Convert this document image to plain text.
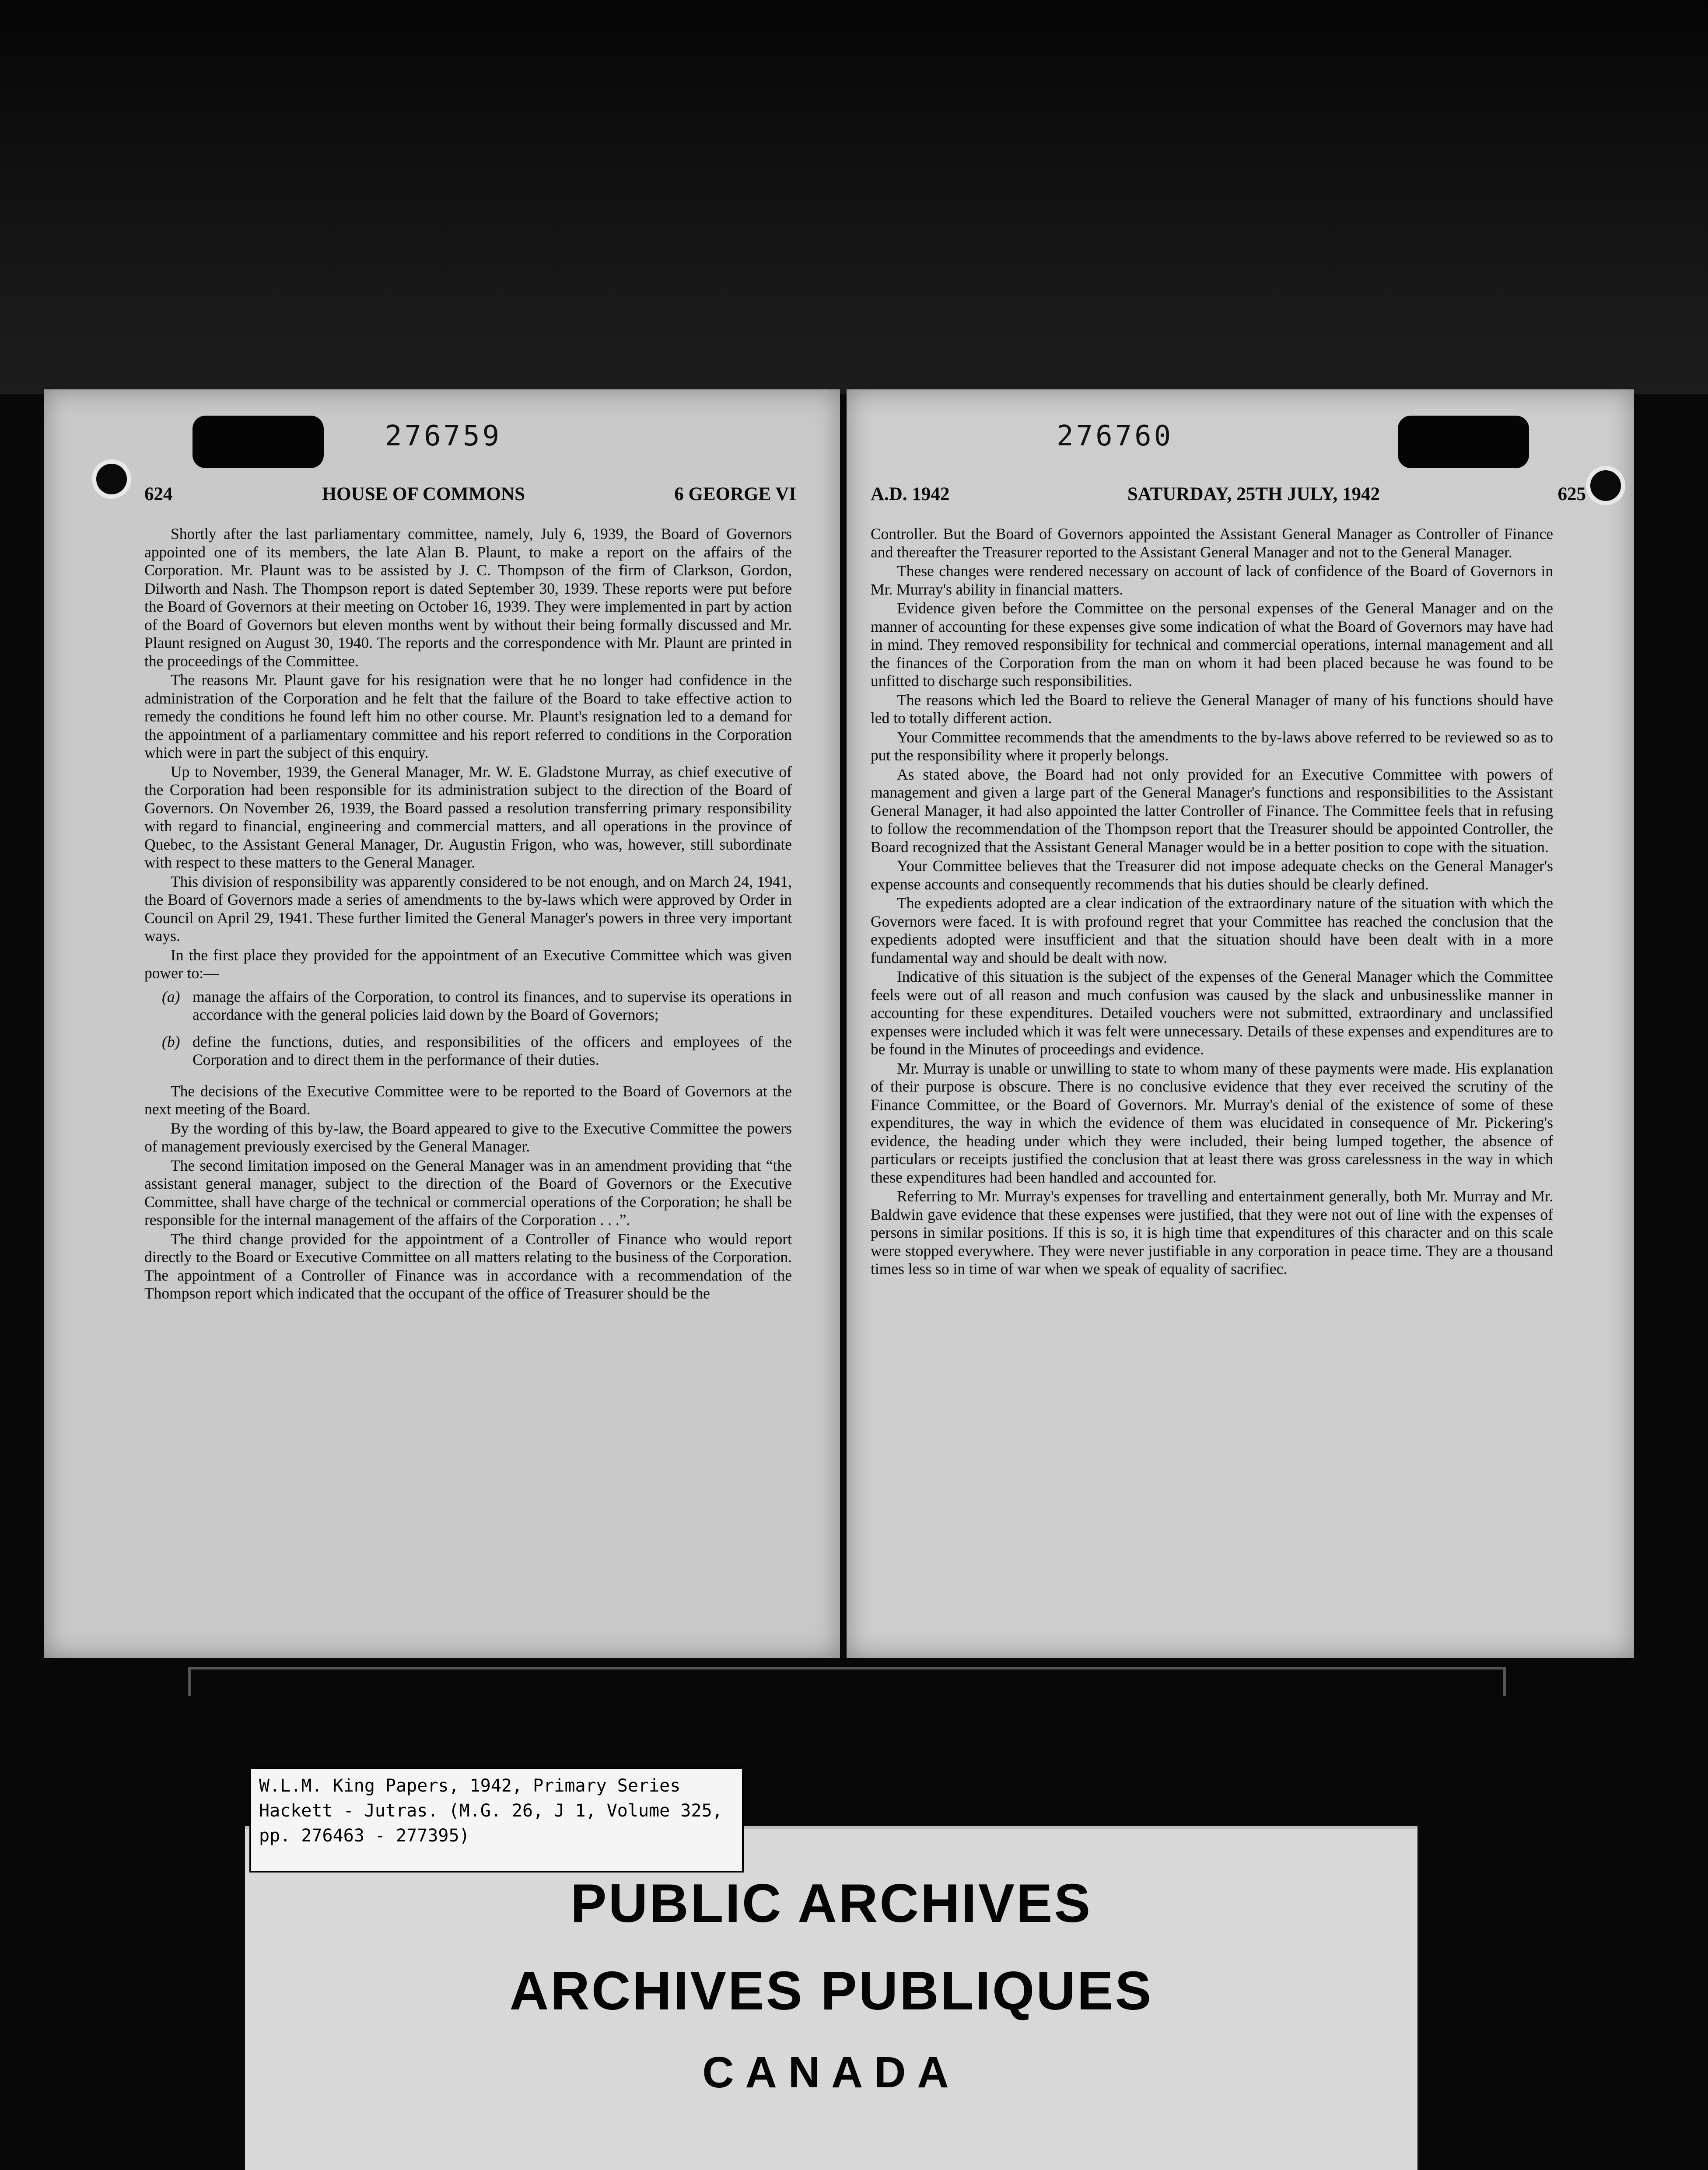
276759
624	HOUSE OF COMMONS	6 GEORGE VI

Shortly after the last parliamentary committee, namely, July 6, 1939, the Board of Governors appointed one of its members, the late Alan B. Plaunt, to make a report on the affairs of the Corporation. Mr. Plaunt was to be assisted by J. C. Thompson of the firm of Clarkson, Gordon, Dilworth and Nash. The Thompson report is dated September 30, 1939. These reports were put before the Board of Governors at their meeting on October 16, 1939. They were implemented in part by action of the Board of Governors but eleven months went by without their being formally discussed and Mr. Plaunt resigned on August 30, 1940. The reports and the correspondence with Mr. Plaunt are printed in the proceedings of the Committee.

The reasons Mr. Plaunt gave for his resignation were that he no longer had confidence in the administration of the Corporation and he felt that the failure of the Board to take effective action to remedy the conditions he found left him no other course. Mr. Plaunt's resignation led to a demand for the appointment of a parliamentary committee and his report referred to conditions in the Corporation which were in part the subject of this enquiry.

Up to November, 1939, the General Manager, Mr. W. E. Gladstone Murray, as chief executive of the Corporation had been responsible for its administration subject to the direction of the Board of Governors. On November 26, 1939, the Board passed a resolution transferring primary responsibility with regard to financial, engineering and commercial matters, and all operations in the province of Quebec, to the Assistant General Manager, Dr. Augustin Frigon, who was, however, still subordinate with respect to these matters to the General Manager.

This division of responsibility was apparently considered to be not enough, and on March 24, 1941, the Board of Governors made a series of amendments to the by-laws which were approved by Order in Council on April 29, 1941. These further limited the General Manager's powers in three very important ways.

In the first place they provided for the appointment of an Executive Committee which was given power to:—

(a) manage the affairs of the Corporation, to control its finances, and to supervise its operations in accordance with the general policies laid down by the Board of Governors;
(b) define the functions, duties, and responsibilities of the officers and employees of the Corporation and to direct them in the performance of their duties.

The decisions of the Executive Committee were to be reported to the Board of Governors at the next meeting of the Board.

By the wording of this by-law, the Board appeared to give to the Executive Committee the powers of management previously exercised by the General Manager.

The second limitation imposed on the General Manager was in an amendment providing that “the assistant general manager, subject to the direction of the Board of Governors or the Executive Committee, shall have charge of the technical or commercial operations of the Corporation; he shall be responsible for the internal management of the affairs of the Corporation . . .”.

The third change provided for the appointment of a Controller of Finance who would report directly to the Board or Executive Committee on all matters relating to the business of the Corporation. The appointment of a Controller of Finance was in accordance with a recommendation of the Thompson report which indicated that the occupant of the office of Treasurer should be the

276760
A.D. 1942	SATURDAY, 25TH JULY, 1942	625

Controller. But the Board of Governors appointed the Assistant General Manager as Controller of Finance and thereafter the Treasurer reported to the Assistant General Manager and not to the General Manager.

These changes were rendered necessary on account of lack of confidence of the Board of Governors in Mr. Murray's ability in financial matters.

Evidence given before the Committee on the personal expenses of the General Manager and on the manner of accounting for these expenses give some indication of what the Board of Governors may have had in mind. They removed responsibility for technical and commercial operations, internal management and all the finances of the Corporation from the man on whom it had been placed because he was found to be unfitted to discharge such responsibilities.

The reasons which led the Board to relieve the General Manager of many of his functions should have led to totally different action.

Your Committee recommends that the amendments to the by-laws above referred to be reviewed so as to put the responsibility where it properly belongs.

As stated above, the Board had not only provided for an Executive Committee with powers of management and given a large part of the General Manager's functions and responsibilities to the Assistant General Manager, it had also appointed the latter Controller of Finance. The Committee feels that in refusing to follow the recommendation of the Thompson report that the Treasurer should be appointed Controller, the Board recognized that the Assistant General Manager would be in a better position to cope with the situation.

Your Committee believes that the Treasurer did not impose adequate checks on the General Manager's expense accounts and consequently recommends that his duties should be clearly defined.

The expedients adopted are a clear indication of the extraordinary nature of the situation with which the Governors were faced. It is with profound regret that your Committee has reached the conclusion that the expedients adopted were insufficient and that the situation should have been dealt with in a more fundamental way and should be dealt with now.

Indicative of this situation is the subject of the expenses of the General Manager which the Committee feels were out of all reason and much confusion was caused by the slack and unbusinesslike manner in accounting for these expenditures. Detailed vouchers were not submitted, extraordinary and unclassified expenses were included which it was felt were unnecessary. Details of these expenses and expenditures are to be found in the Minutes of proceedings and evidence.

Mr. Murray is unable or unwilling to state to whom many of these payments were made. His explanation of their purpose is obscure. There is no conclusive evidence that they ever received the scrutiny of the Finance Committee, or the Board of Governors. Mr. Murray's denial of the existence of some of these expenditures, the way in which the evidence of them was elucidated in consequence of Mr. Pickering's evidence, the heading under which they were included, their being lumped together, the absence of particulars or receipts justified the conclusion that at least there was gross carelessness in the way in which these expenditures had been handled and accounted for.

Referring to Mr. Murray's expenses for travelling and entertainment generally, both Mr. Murray and Mr. Baldwin gave evidence that these expenses were justified, that they were not out of line with the expenses of persons in similar positions. If this is so, it is high time that expenditures of this character and on this scale were stopped everywhere. They were never justifiable in any corporation in peace time. They are a thousand times less so in time of war when we speak of equality of sacrifiec.

W.L.M. King Papers, 1942, Primary Series
Hackett - Jutras. (M.G. 26, J 1, Volume 325,
pp. 276463 - 277395)
PUBLIC ARCHIVES
ARCHIVES PUBLIQUES
CANADA
